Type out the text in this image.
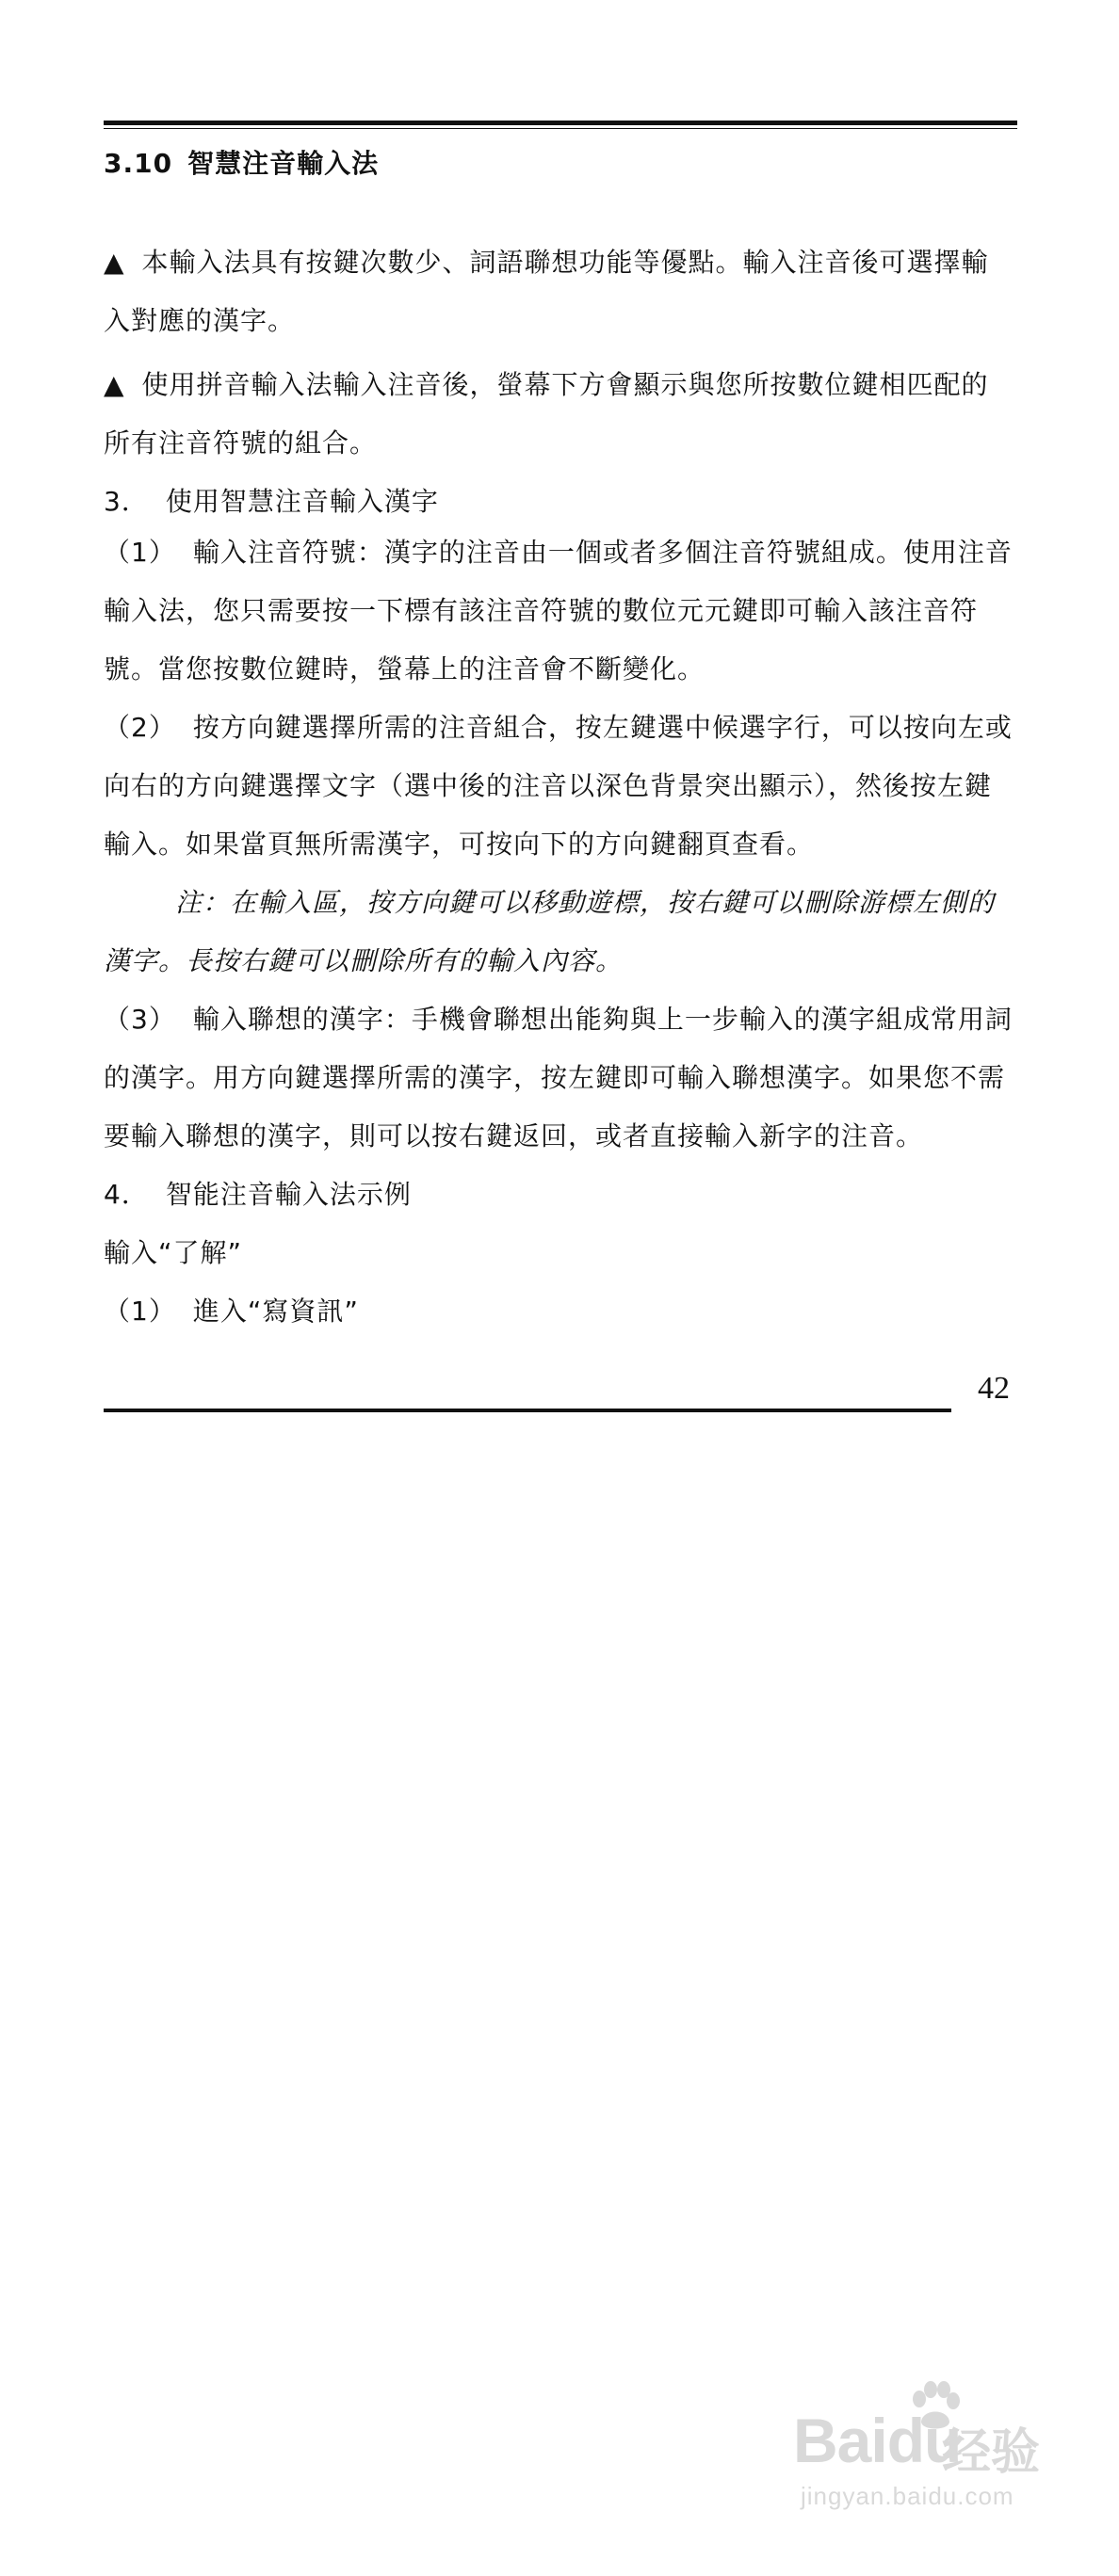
3.10 智慧注音輸入法
▲ 本輸入法具有按鍵次數少、詞語聯想功能等優點。輸入注音後可選擇輸入對應的漢字。
▲ 使用拼音輸入法輸入注音後，螢幕下方會顯示與您所按數位鍵相匹配的所有注音符號的組合。
3． 使用智慧注音輸入漢字
（1） 輸入注音符號：漢字的注音由一個或者多個注音符號組成。使用注音輸入法，您只需要按一下標有該注音符號的數位元元鍵即可輸入該注音符號。當您按數位鍵時，螢幕上的注音會不斷變化。
（2） 按方向鍵選擇所需的注音組合，按左鍵選中候選字行，可以按向左或向右的方向鍵選擇文字（選中後的注音以深色背景突出顯示），然後按左鍵輸入。如果當頁無所需漢字，可按向下的方向鍵翻頁查看。
注：在輸入區，按方向鍵可以移動遊標，按右鍵可以刪除游標左側的漢字。長按右鍵可以刪除所有的輸入內容。
（3） 輸入聯想的漢字：手機會聯想出能夠與上一步輸入的漢字組成常用詞的漢字。用方向鍵選擇所需的漢字，按左鍵即可輸入聯想漢字。如果您不需要輸入聯想的漢字，則可以按右鍵返回，或者直接輸入新字的注音。
4． 智能注音輸入法示例
輸入“了解”
（1） 進入“寫資訊”
42
Baidu
经验
jingyan.baidu.com
